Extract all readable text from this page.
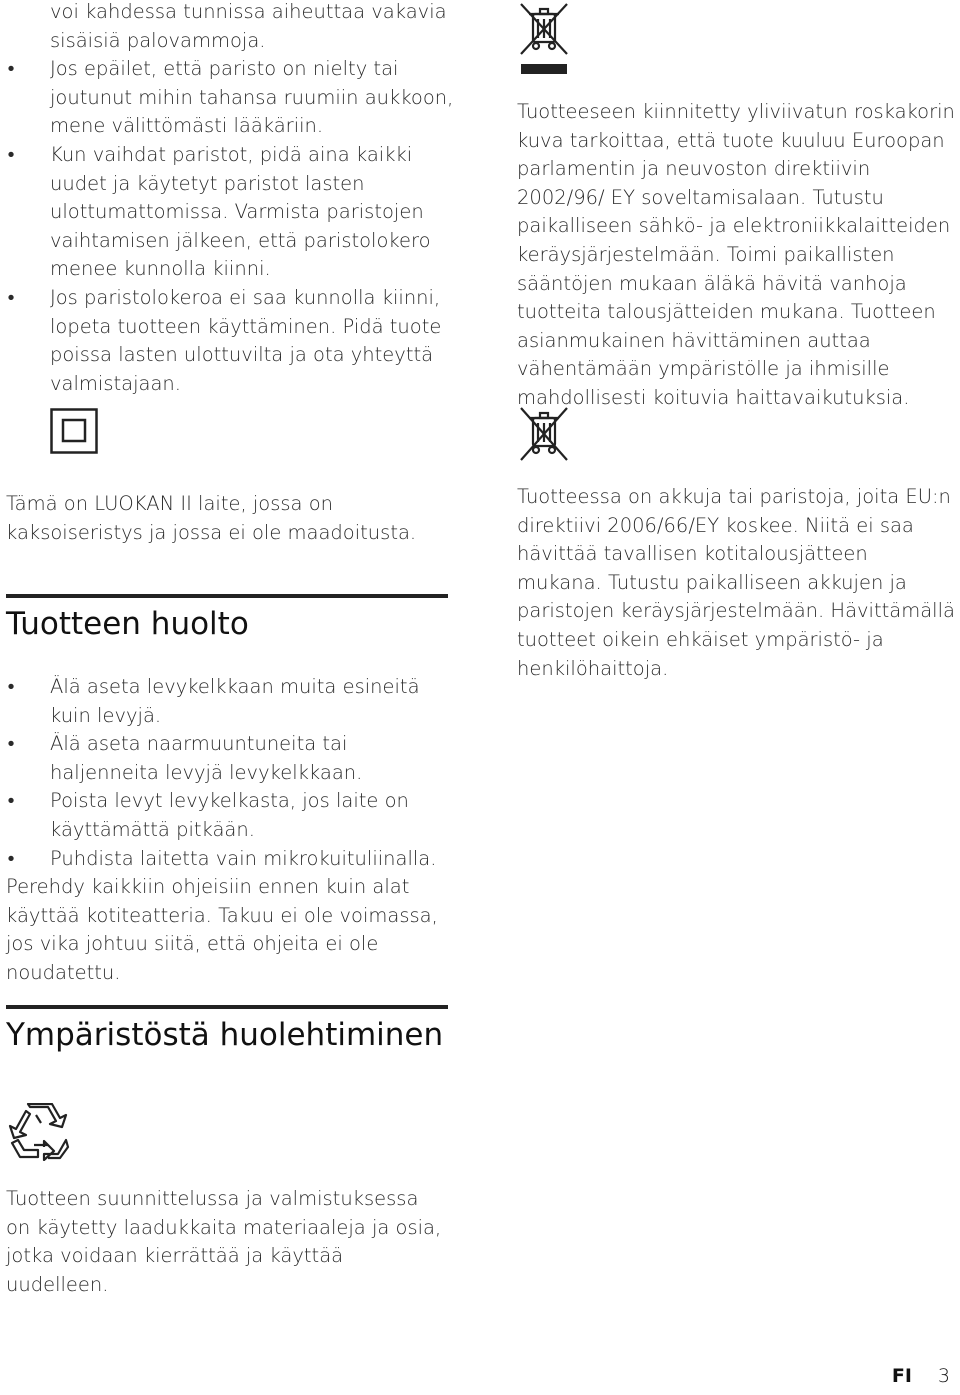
voi kahdessa tunnissa aiheuttaa vakavia sisäisiä palovammoja.

• Jos epäilet, että paristo on nielty tai joutunut mihin tahansa ruumiin aukkoon, mene välittömästi lääkäriin.
• Kun vaihdat paristot, pidä aina kaikki uudet ja käytetyt paristot lasten ulottumattomissa. Varmista paristojen vaihtamisen jälkeen, että paristolokero menee kunnolla kiinni.
• Jos paristolokeroa ei saa kunnolla kiinni, lopeta tuotteen käyttäminen. Pidä tuote poissa lasten ulottuvilta ja ota yhteyttä valmistajaan.

Tämä on LUOKAN II laite, jossa on kaksoiseristys ja jossa ei ole maadoitusta.

Tuotteen huolto
• Älä aseta levykelkkaan muita esineitä kuin levyjä.
• Älä aseta naarmuuntuneita tai haljenneita levyjä levykelkkaan.
• Poista levyt levykelkasta, jos laite on käyttämättä pitkään.
• Puhdista laitetta vain mikrokuituliinalla.

Perehdy kaikkiin ohjeisiin ennen kuin alat käyttää kotiteatteria. Takuu ei ole voimassa, jos vika johtuu siitä, että ohjeita ei ole noudatettu.

Ympäristöstä huolehtiminen

Tuotteen suunnittelussa ja valmistuksessa on käytetty laadukkaita materiaaleja ja osia, jotka voidaan kierrättää ja käyttää uudelleen.

Tuotteeseen kiinnitetty yliviivatun roskakorin kuva tarkoittaa, että tuote kuuluu Euroopan parlamentin ja neuvoston direktiivin 2002/96/ EY soveltamisalaan. Tutustu paikalliseen sähkö- ja elektroniikkalaitteiden keräysjärjestelmään. Toimi paikallisten sääntöjen mukaan äläkä hävitä vanhoja tuotteita talousjätteiden mukana. Tuotteen asianmukainen hävittäminen auttaa vähentämään ympäristölle ja ihmisille mahdollisesti koituvia haittavaikutuksia.

Tuotteessa on akkuja tai paristoja, joita EU:n direktiivi 2006/66/EY koskee. Niitä ei saa hävittää tavallisen kotitalousjätteen mukana. Tutustu paikalliseen akkujen ja paristojen keräysjärjestelmään. Hävittämällä tuotteet oikein ehkäiset ympäristö- ja henkilöhaittoja.

FI 3
